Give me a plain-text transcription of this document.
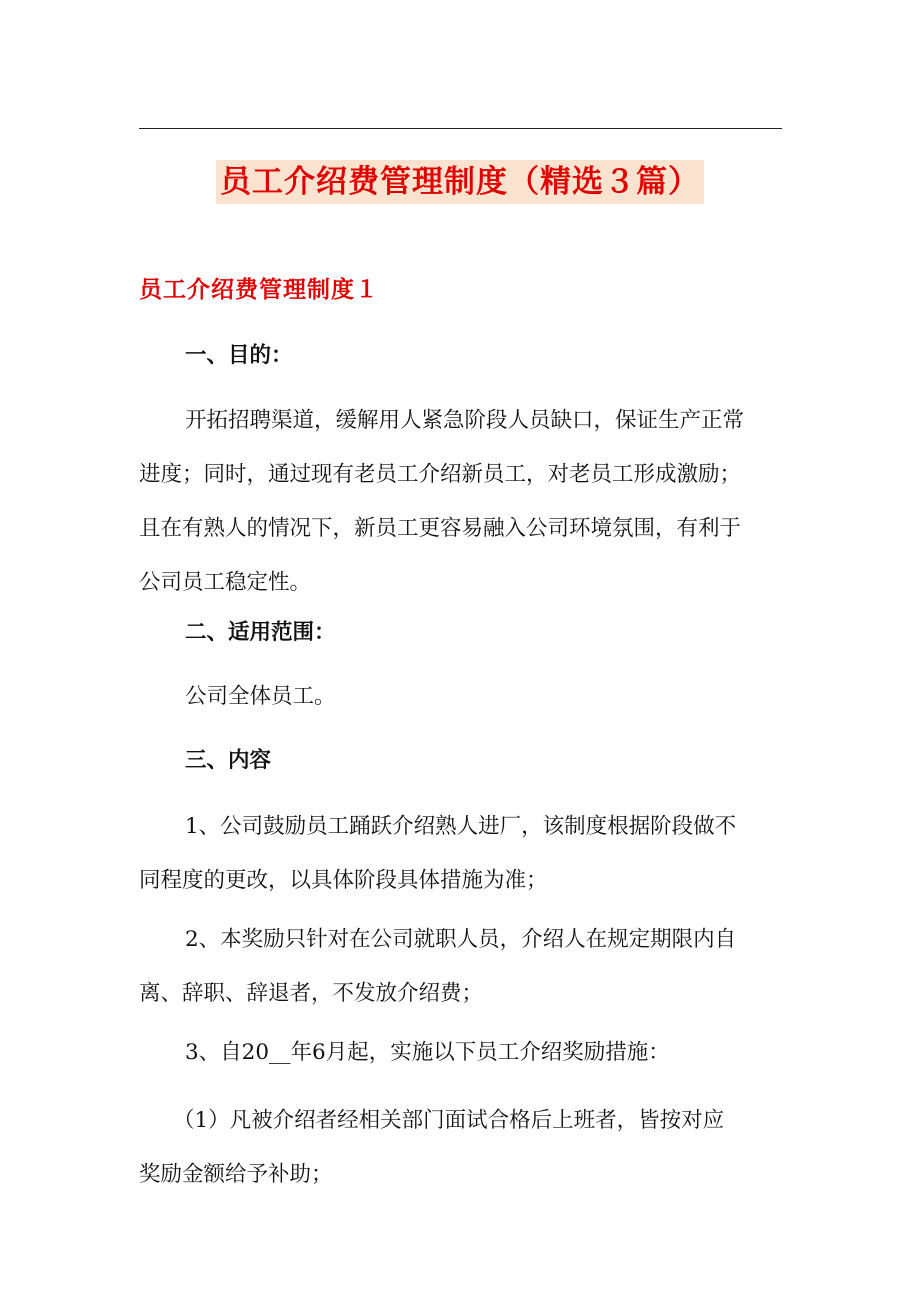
员工介绍费管理制度（精选３篇）
员工介绍费管理制度１
一、目的：
开拓招聘渠道，缓解用人紧急阶段人员缺口，保证生产正常
进度；同时，通过现有老员工介绍新员工，对老员工形成激励；
且在有熟人的情况下，新员工更容易融入公司环境氛围，有利于
公司员工稳定性。
二、适用范围：
公司全体员工。
三、内容
1、公司鼓励员工踊跃介绍熟人进厂，该制度根据阶段做不
同程度的更改，以具体阶段具体措施为准；
2、本奖励只针对在公司就职人员，介绍人在规定期限内自
离、辞职、辞退者，不发放介绍费；
3、自20__年6月起，实施以下员工介绍奖励措施：
（1）凡被介绍者经相关部门面试合格后上班者，皆按对应
奖励金额给予补助；
